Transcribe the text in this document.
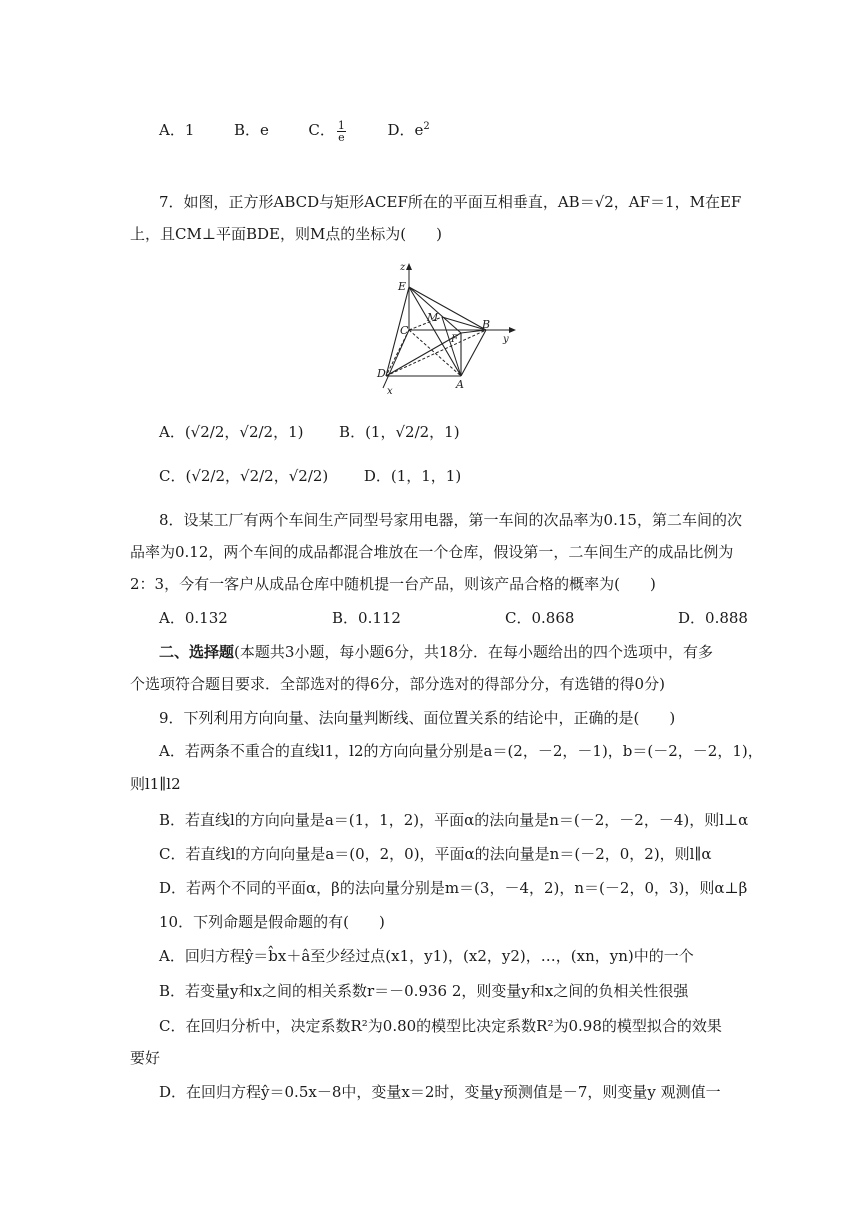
A．1	B．e	C． $\frac{1}{e}$	D．$e^2$
7．如图，正方形ABCD与矩形ACEF所在的平面互相垂直，AB＝√2，AF＝1，M在EF
上，且CM⊥平面BDE，则M点的坐标为(　　)
z
E
M
C
F
B
y
D
x
A
A．(√2/2，√2/2，1) B．(1，√2/2，1)
C．(√2/2，√2/2，√2/2) D．(1，1，1)
8．设某工厂有两个车间生产同型号家用电器，第一车间的次品率为0.15，第二车间的次
品率为0.12，两个车间的成品都混合堆放在一个仓库，假设第一，二车间生产的成品比例为
2：3，今有一客户从成品仓库中随机提一台产品，则该产品合格的概率为(　　)
A．0.132	B．0.112	C．0.868	D．0.888
二、选择题(本题共3小题，每小题6分，共18分．在每小题给出的四个选项中，有多
个选项符合题目要求．全部选对的得6分，部分选对的得部分分，有选错的得0分)
9．下列利用方向向量、法向量判断线、面位置关系的结论中，正确的是(　　)
A．若两条不重合的直线l1，l2的方向向量分别是a＝(2，－2，－1)，b＝(－2，－2，1)，
则l1∥l2
B．若直线l的方向向量是a＝(1，1，2)，平面α的法向量是n＝(－2，－2，－4)，则l⊥α
C．若直线l的方向向量是a＝(0，2，0)，平面α的法向量是n＝(－2，0，2)，则l∥α
D．若两个不同的平面α，β的法向量分别是m＝(3，－4，2)，n＝(－2，0，3)，则α⊥β
10．下列命题是假命题的有(　　)
A．回归方程ŷ＝b̂x＋â至少经过点(x1，y1)，(x2，y2)，…，(xn，yn)中的一个
B．若变量y和x之间的相关系数r＝－0.936 2，则变量y和x之间的负相关性很强
C．在回归分析中，决定系数R²为0.80的模型比决定系数R²为0.98的模型拟合的效果
要好
D．在回归方程ŷ＝0.5x－8中，变量x＝2时，变量y预测值是－7，则变量y 观测值一
